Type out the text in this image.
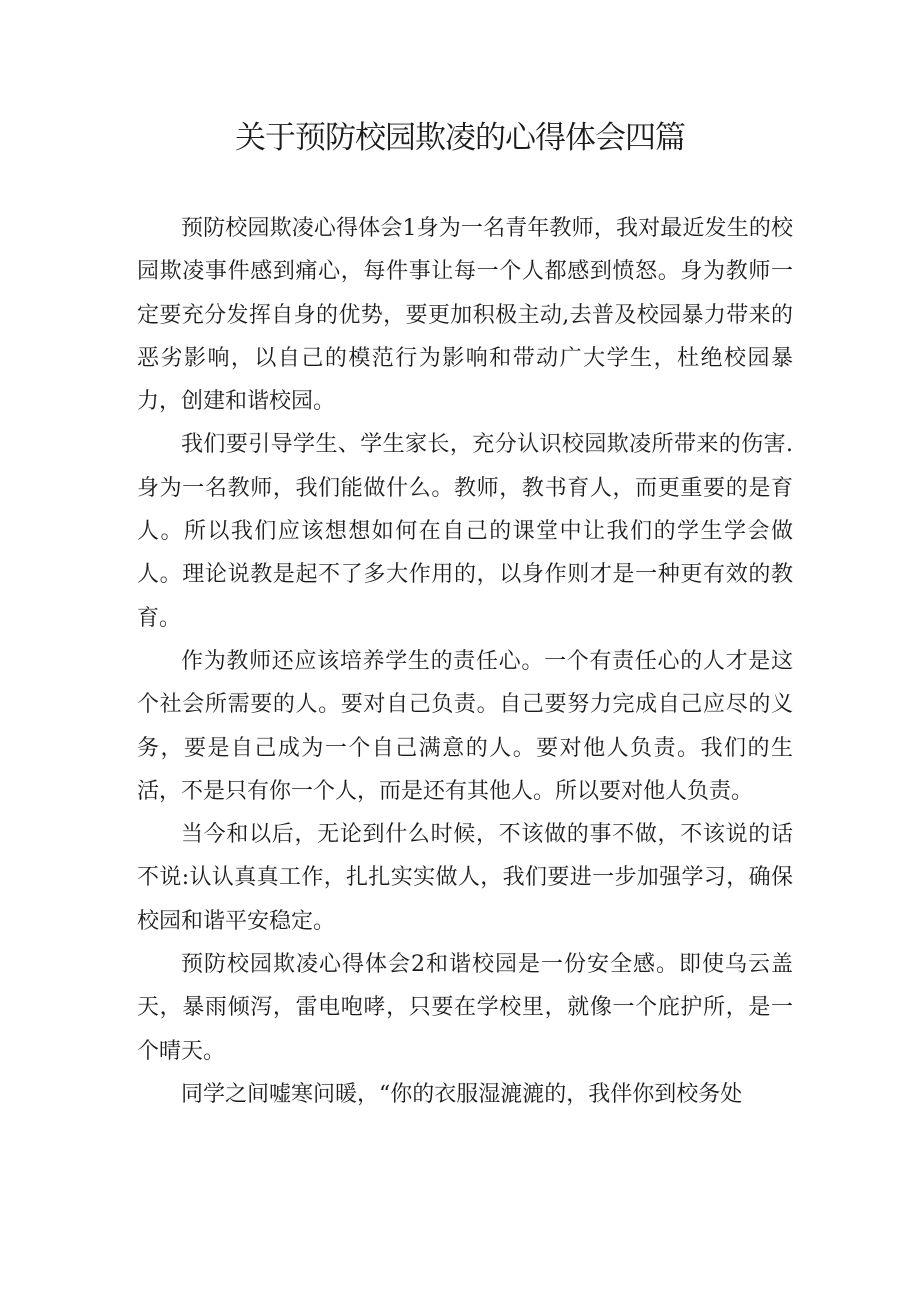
关于预防校园欺凌的心得体会四篇

预防校园欺凌心得体会1身为一名青年教师，我对最近发生的校园欺凌事件感到痛心，每件事让每一个人都感到愤怒。身为教师一定要充分发挥自身的优势，要更加积极主动,去普及校园暴力带来的恶劣影响，以自己的模范行为影响和带动广大学生，杜绝校园暴力，创建和谐校园。

我们要引导学生、学生家长，充分认识校园欺凌所带来的伤害.身为一名教师，我们能做什么。教师，教书育人，而更重要的是育人。所以我们应该想想如何在自己的课堂中让我们的学生学会做人。理论说教是起不了多大作用的，以身作则才是一种更有效的教育。

作为教师还应该培养学生的责任心。一个有责任心的人才是这个社会所需要的人。要对自己负责。自己要努力完成自己应尽的义务，要是自己成为一个自己满意的人。要对他人负责。我们的生活，不是只有你一个人，而是还有其他人。所以要对他人负责。

当今和以后，无论到什么时候，不该做的事不做，不该说的话不说:认认真真工作，扎扎实实做人，我们要进一步加强学习，确保校园和谐平安稳定。

预防校园欺凌心得体会2和谐校园是一份安全感。即使乌云盖天，暴雨倾泻，雷电咆哮，只要在学校里，就像一个庇护所，是一个晴天。

同学之间嘘寒问暖，“你的衣服湿漉漉的，我伴你到校务处
